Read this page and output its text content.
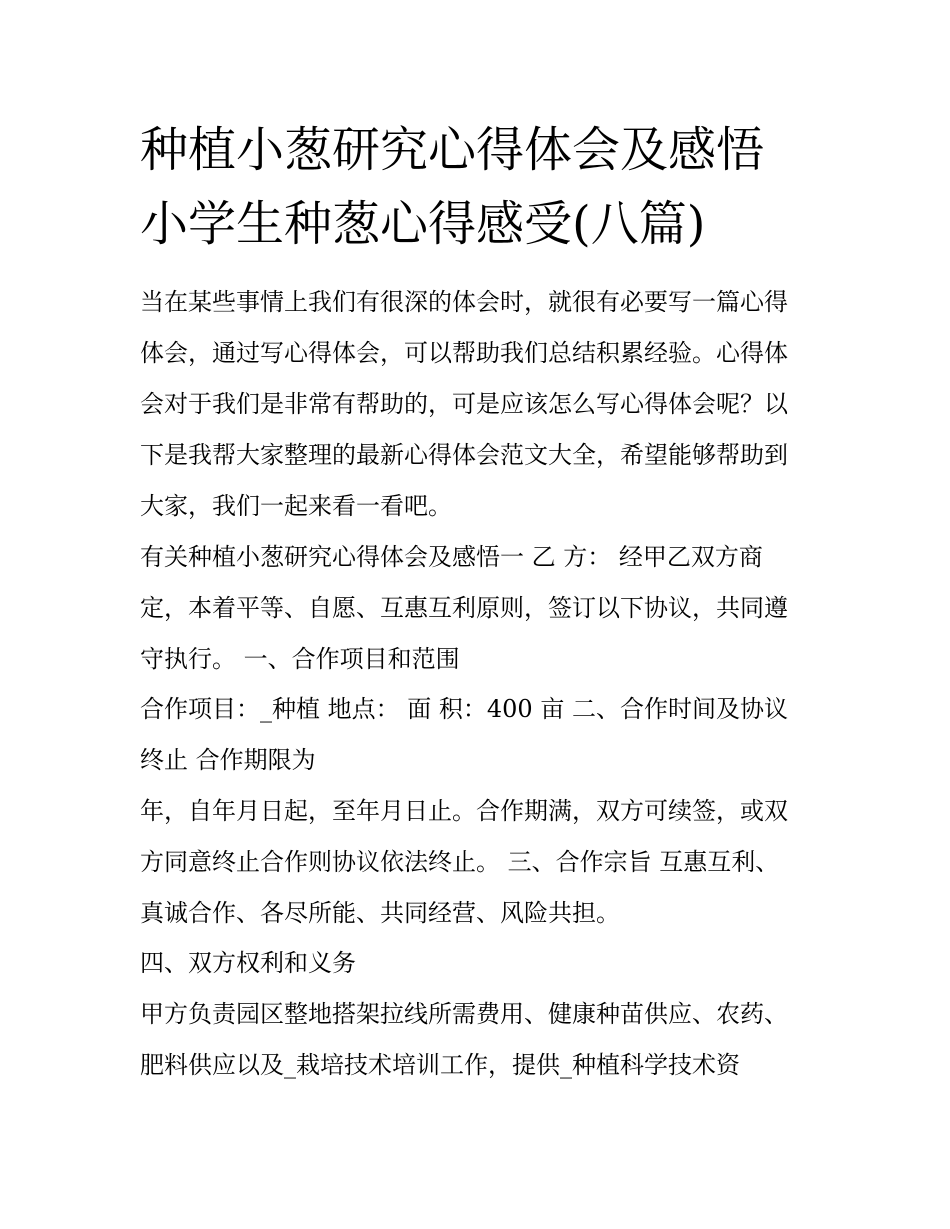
种植小葱研究心得体会及感悟
小学生种葱心得感受(八篇)

当在某些事情上我们有很深的体会时，就很有必要写一篇心得

体会，通过写心得体会，可以帮助我们总结积累经验。心得体

会对于我们是非常有帮助的，可是应该怎么写心得体会呢？以

下是我帮大家整理的最新心得体会范文大全，希望能够帮助到

大家，我们一起来看一看吧。

有关种植小葱研究心得体会及感悟一 乙 方： 经甲乙双方商

定，本着平等、自愿、互惠互利原则，签订以下协议，共同遵

守执行。 一、合作项目和范围

合作项目：_种植 地点： 面 积：400 亩 二、合作时间及协议

终止 合作期限为

年，自年月日起，至年月日止。合作期满，双方可续签，或双

方同意终止合作则协议依法终止。 三、合作宗旨 互惠互利、

真诚合作、各尽所能、共同经营、风险共担。

四、双方权利和义务

甲方负责园区整地搭架拉线所需费用、健康种苗供应、农药、

肥料供应以及_栽培技术培训工作，提供_种植科学技术资
